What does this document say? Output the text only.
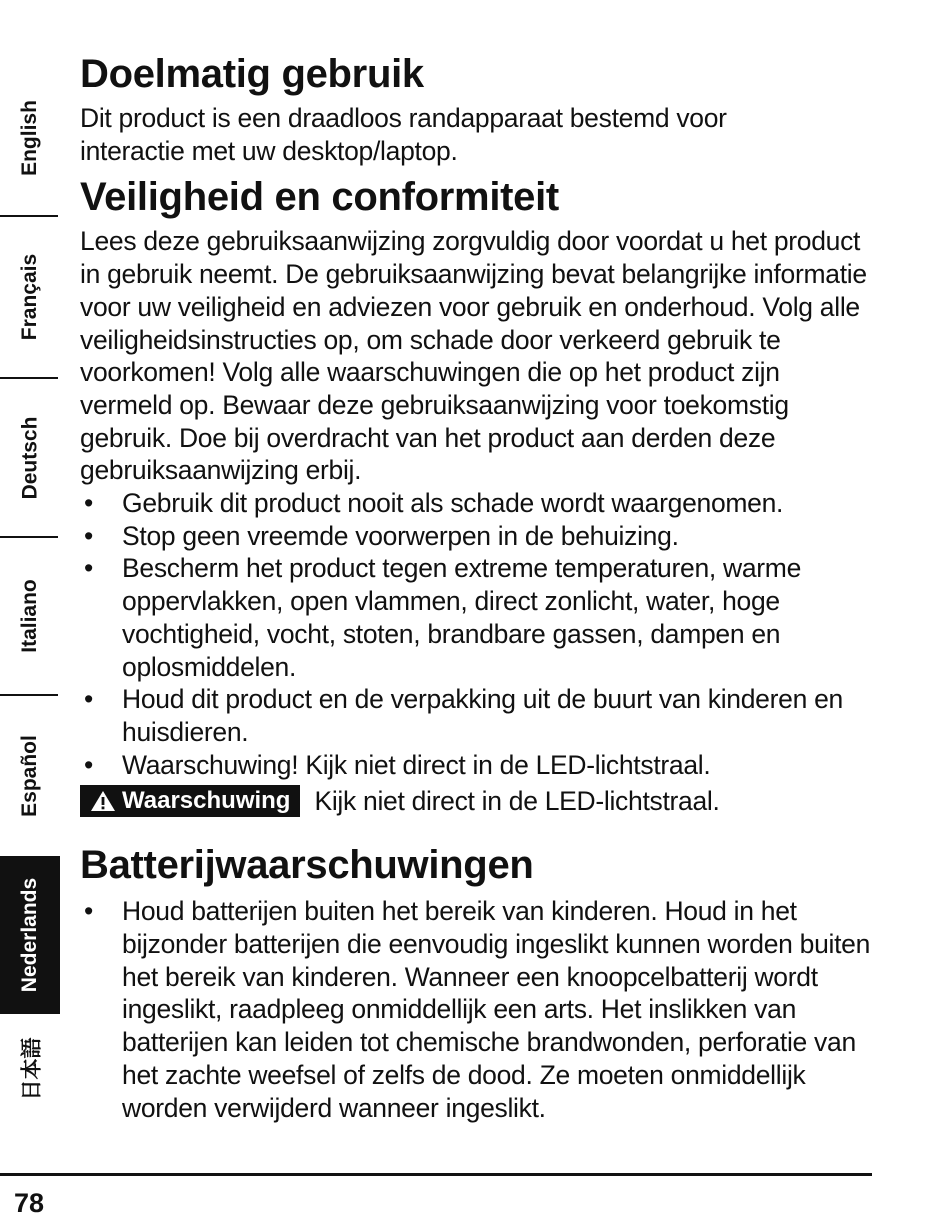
English
Français
Deutsch
Italiano
Español
Nederlands
日本語
Doelmatig gebruik

Dit product is een draadloos randapparaat bestemd voor interactie met uw desktop/laptop.

Veiligheid en conformiteit

Lees deze gebruiksaanwijzing zorgvuldig door voordat u het product in gebruik neemt. De gebruiksaanwijzing bevat belangrijke informatie voor uw veiligheid en adviezen voor gebruik en onderhoud. Volg alle veiligheidsinstructies op, om schade door verkeerd gebruik te voorkomen! Volg alle waarschuwingen die op het product zijn vermeld op. Bewaar deze gebruiksaanwijzing voor toekomstig gebruik. Doe bij overdracht van het product aan derden deze gebruiksaanwijzing erbij.

• Gebruik dit product nooit als schade wordt waargenomen.
• Stop geen vreemde voorwerpen in de behuizing.
• Bescherm het product tegen extreme temperaturen, warme oppervlakken, open vlammen, direct zonlicht, water, hoge vochtigheid, vocht, stoten, brandbare gassen, dampen en oplosmiddelen.
• Houd dit product en de verpakking uit de buurt van kinderen en huisdieren.
• Waarschuwing! Kijk niet direct in de LED-lichtstraal.
Waarschuwing Kijk niet direct in de LED-lichtstraal.
Batterijwaarschuwingen
• Houd batterijen buiten het bereik van kinderen. Houd in het bijzonder batterijen die eenvoudig ingeslikt kunnen worden buiten het bereik van kinderen. Wanneer een knoopcelbatterij wordt ingeslikt, raadpleeg onmiddellijk een arts. Het inslikken van batterijen kan leiden tot chemische brandwonden, perforatie van het zachte weefsel of zelfs de dood. Ze moeten onmiddellijk worden verwijderd wanneer ingeslikt.
78
